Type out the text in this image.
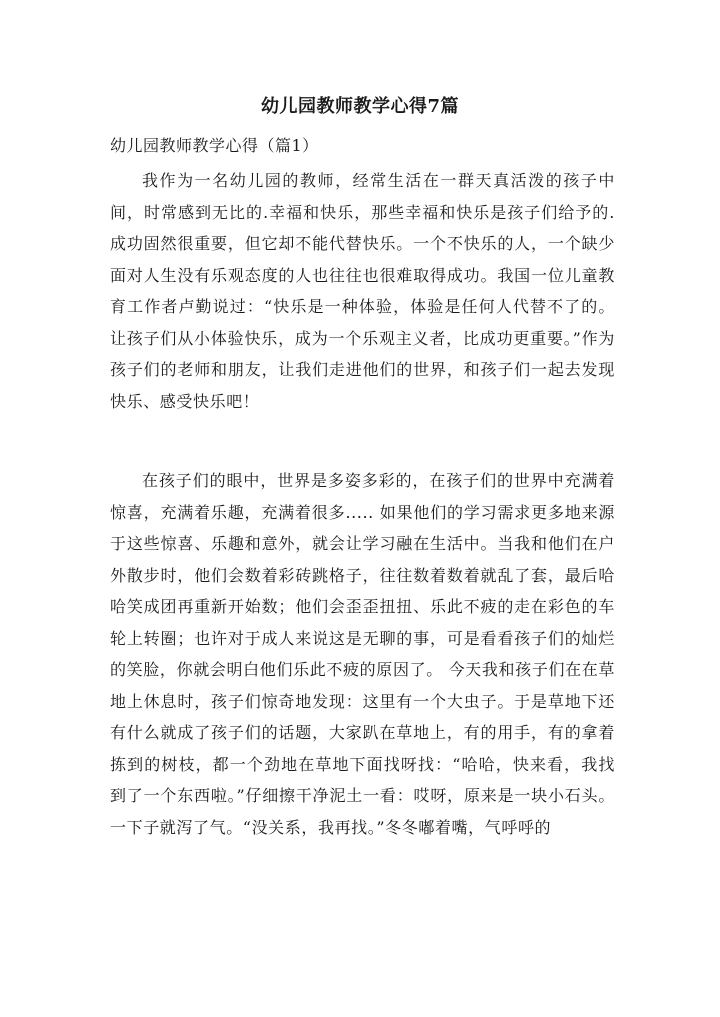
幼儿园教师教学心得7篇
幼儿园教师教学心得（篇1）

我作为一名幼儿园的教师，经常生活在一群天真活泼的孩子中间，时常感到无比的.幸福和快乐，那些幸福和快乐是孩子们给予的. 成功固然很重要，但它却不能代替快乐。一个不快乐的人，一个缺少面对人生没有乐观态度的人也往往也很难取得成功。我国一位儿童教育工作者卢勤说过：“快乐是一种体验，体验是任何人代替不了的。让孩子们从小体验快乐，成为一个乐观主义者，比成功更重要。”作为孩子们的老师和朋友，让我们走进他们的世界，和孩子们一起去发现快乐、感受快乐吧！

在孩子们的眼中，世界是多姿多彩的，在孩子们的世界中充满着惊喜，充满着乐趣，充满着很多..... 如果他们的学习需求更多地来源于这些惊喜、乐趣和意外，就会让学习融在生活中。当我和他们在户外散步时，他们会数着彩砖跳格子，往往数着数着就乱了套，最后哈哈笑成团再重新开始数；他们会歪歪扭扭、乐此不疲的走在彩色的车轮上转圈；也许对于成人来说这是无聊的事，可是看看孩子们的灿烂的笑脸，你就会明白他们乐此不疲的原因了。 今天我和孩子们在在草地上休息时，孩子们惊奇地发现：这里有一个大虫子。于是草地下还有什么就成了孩子们的话题，大家趴在草地上，有的用手，有的拿着拣到的树枝，都一个劲地在草地下面找呀找：“哈哈，快来看，我找到了一个东西啦。”仔细擦干净泥土一看：哎呀，原来是一块小石头。一下子就泻了气。“没关系，我再找。”冬冬嘟着嘴，气呼呼的
